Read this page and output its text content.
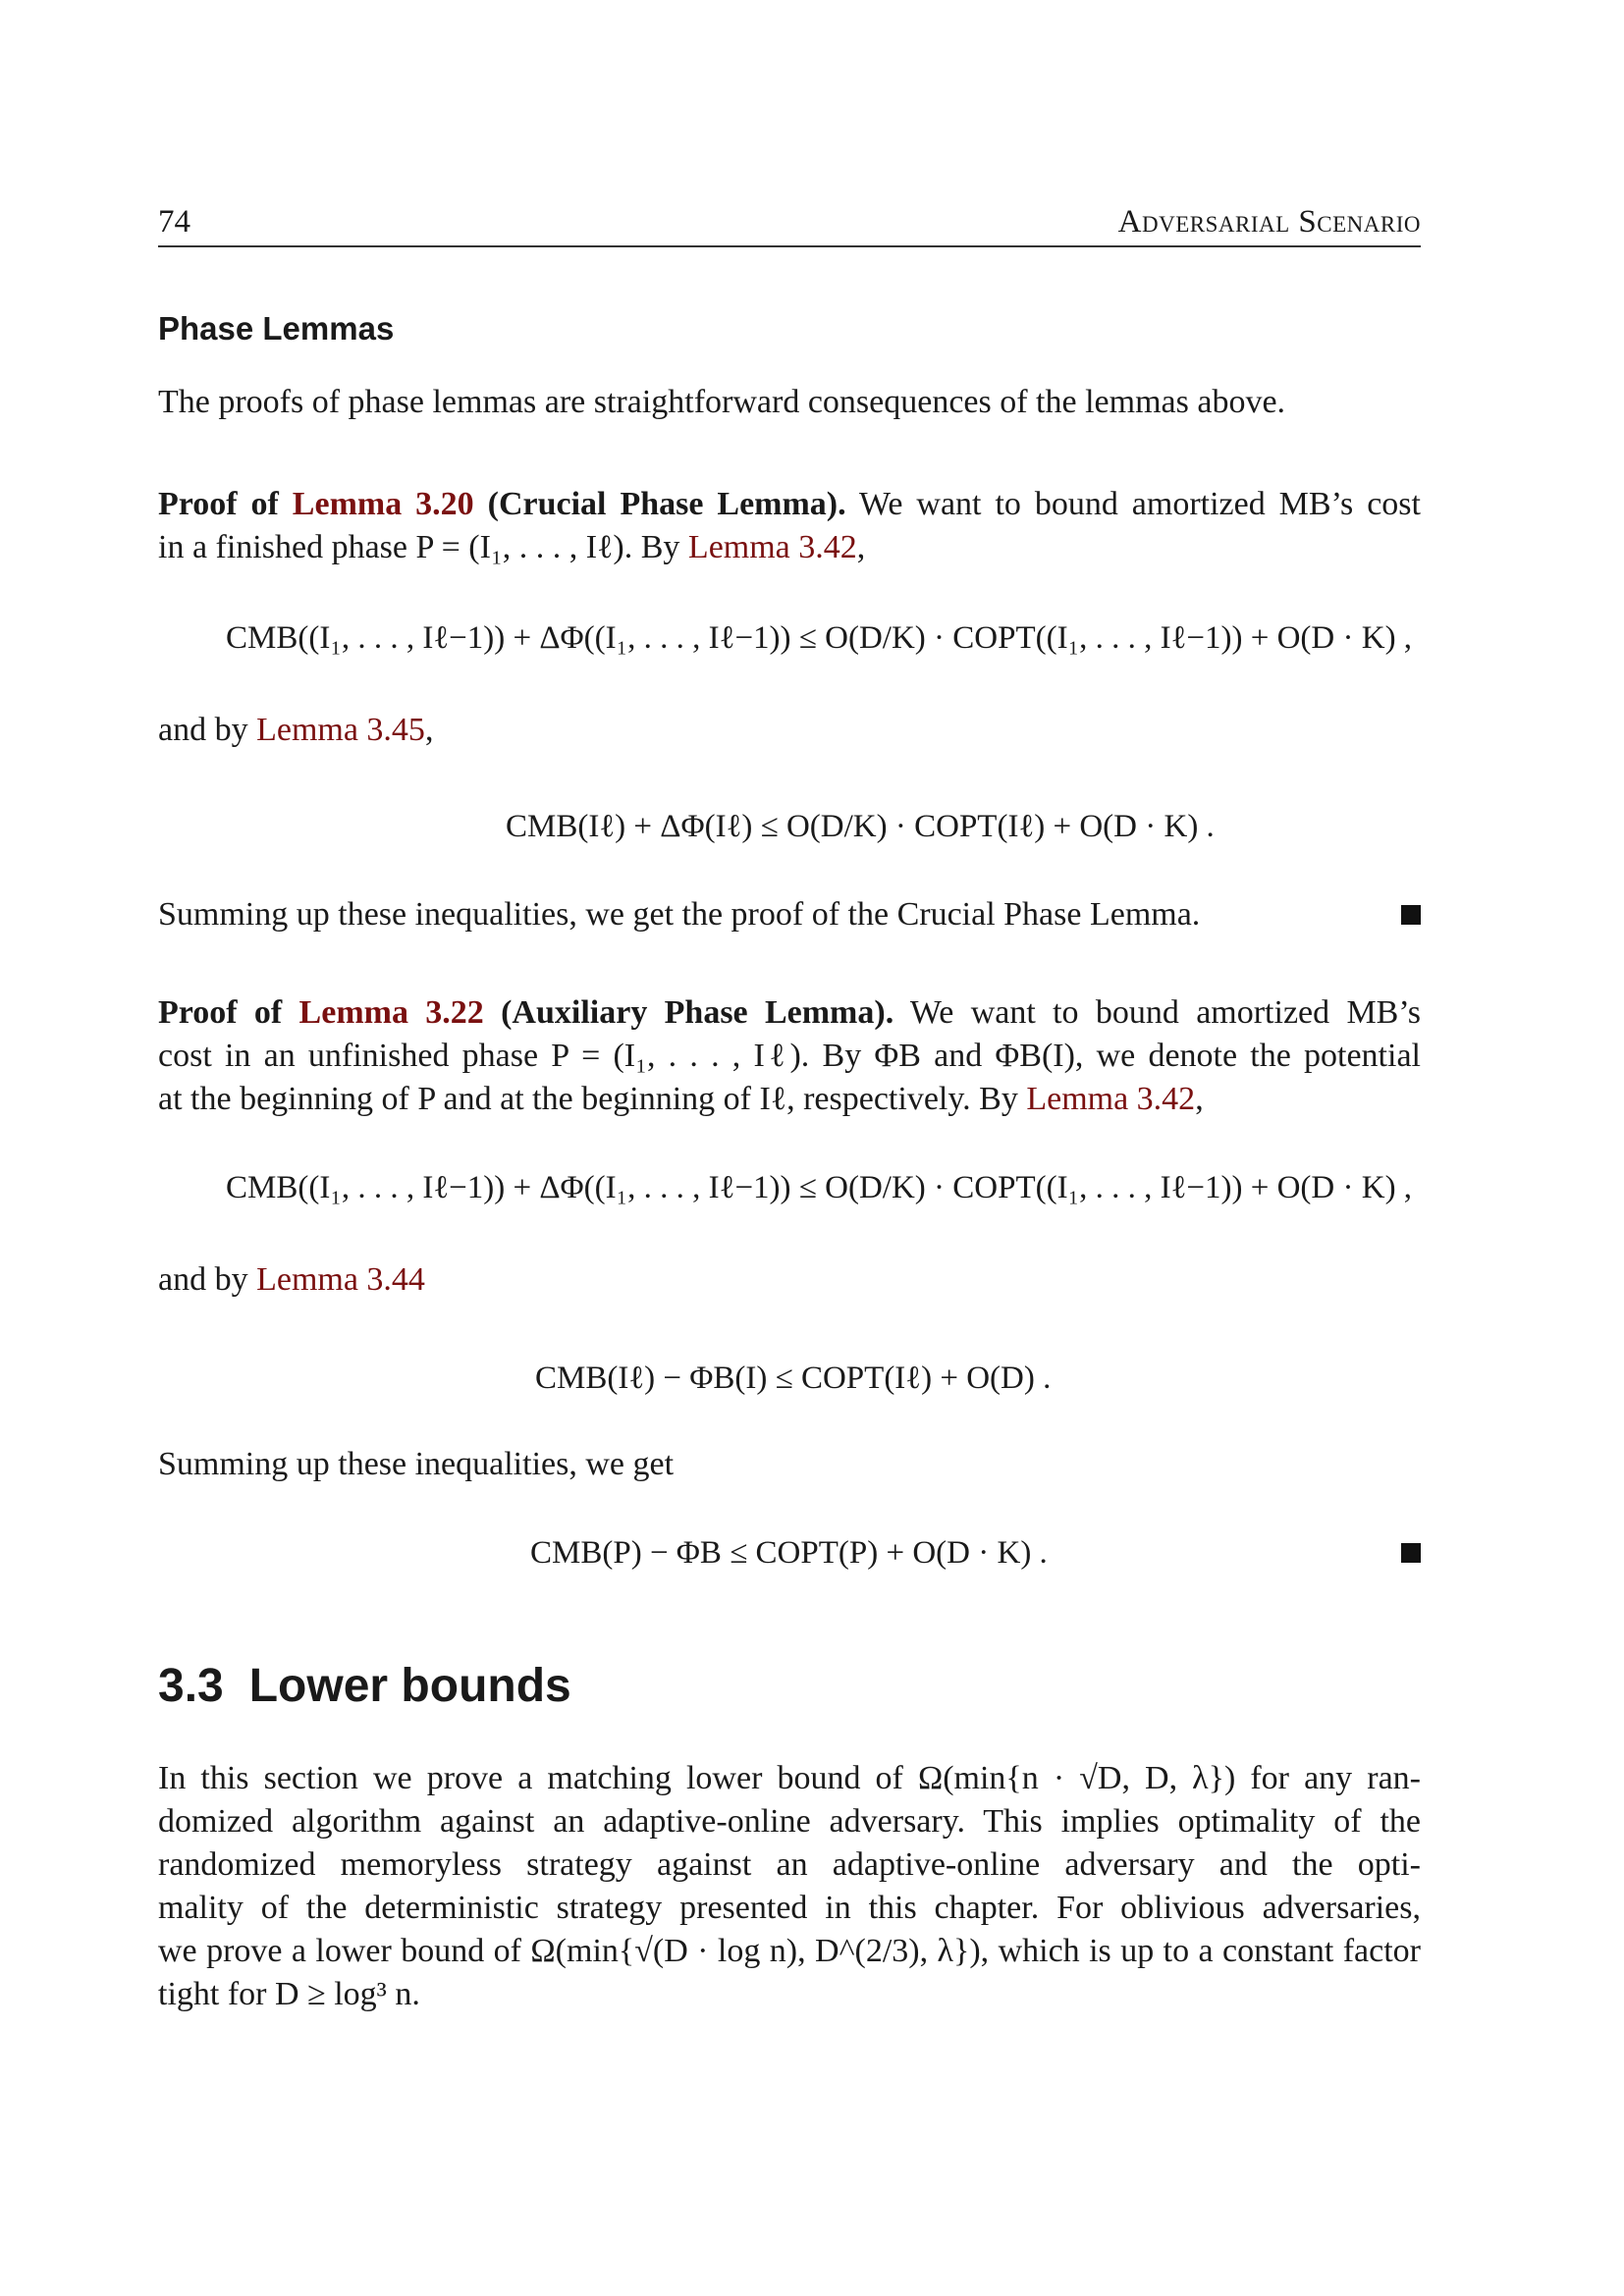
74	Adversarial Scenario
Phase Lemmas
The proofs of phase lemmas are straightforward consequences of the lemmas above.
Proof of Lemma 3.20 (Crucial Phase Lemma). We want to bound amortized MB’s cost
in a finished phase P = (I₁, . . . , Iℓ). By Lemma 3.42,
CMB((I₁, . . . , Iℓ−1)) + ΔΦ((I₁, . . . , Iℓ−1)) ≤ O(D/K) · COPT((I₁, . . . , Iℓ−1)) + O(D · K) ,
and by Lemma 3.45,
CMB(Iℓ) + ΔΦ(Iℓ) ≤ O(D/K) · COPT(Iℓ) + O(D · K) .
Summing up these inequalities, we get the proof of the Crucial Phase Lemma.
Proof of Lemma 3.22 (Auxiliary Phase Lemma). We want to bound amortized MB’s
cost in an unfinished phase P = (I₁, . . . , Iℓ). By ΦB and ΦB(I), we denote the potential
at the beginning of P and at the beginning of Iℓ, respectively. By Lemma 3.42,
CMB((I₁, . . . , Iℓ−1)) + ΔΦ((I₁, . . . , Iℓ−1)) ≤ O(D/K) · COPT((I₁, . . . , Iℓ−1)) + O(D · K) ,
and by Lemma 3.44
CMB(Iℓ) − ΦB(I) ≤ COPT(Iℓ) + O(D) .
Summing up these inequalities, we get
CMB(P) − ΦB ≤ COPT(P) + O(D · K) .
3.3 Lower bounds
In this section we prove a matching lower bound of Ω(min{n · √D, D, λ}) for any ran-
domized algorithm against an adaptive-online adversary. This implies optimality of the
randomized memoryless strategy against an adaptive-online adversary and the opti-
mality of the deterministic strategy presented in this chapter. For oblivious adversaries,
we prove a lower bound of Ω(min{√(D · log n), D^(2/3), λ}), which is up to a constant factor
tight for D ≥ log³ n.
